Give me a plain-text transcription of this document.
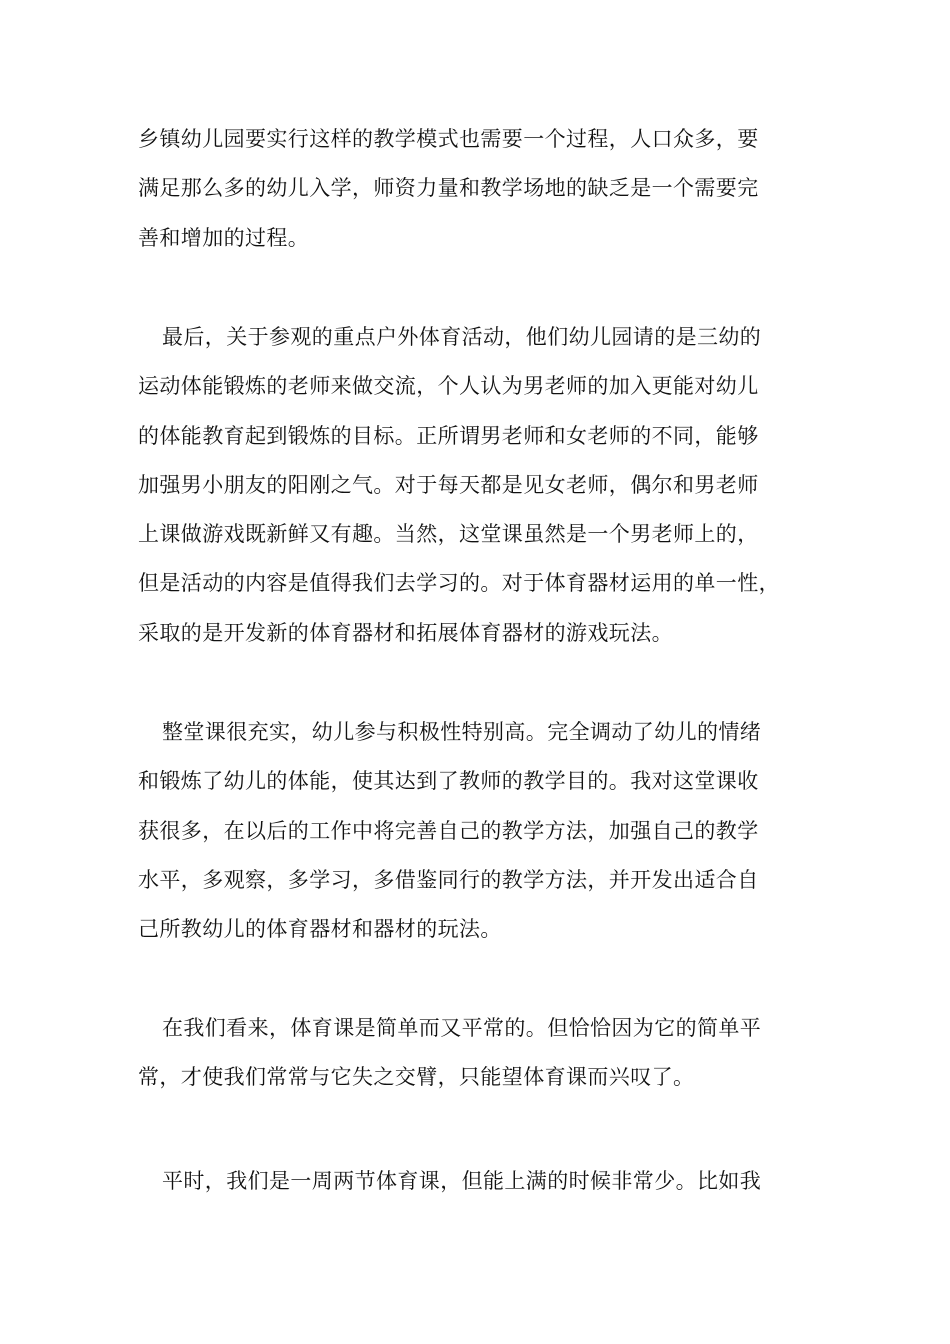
乡镇幼儿园要实行这样的教学模式也需要一个过程，人口众多，要
满足那么多的幼儿入学，师资力量和教学场地的缺乏是一个需要完
善和增加的过程。
最后，关于参观的重点户外体育活动，他们幼儿园请的是三幼的
运动体能锻炼的老师来做交流，个人认为男老师的加入更能对幼儿
的体能教育起到锻炼的目标。正所谓男老师和女老师的不同，能够
加强男小朋友的阳刚之气。对于每天都是见女老师，偶尔和男老师
上课做游戏既新鲜又有趣。当然，这堂课虽然是一个男老师上的，
但是活动的内容是值得我们去学习的。对于体育器材运用的单一性，
采取的是开发新的体育器材和拓展体育器材的游戏玩法。
整堂课很充实，幼儿参与积极性特别高。完全调动了幼儿的情绪
和锻炼了幼儿的体能，使其达到了教师的教学目的。我对这堂课收
获很多，在以后的工作中将完善自己的教学方法，加强自己的教学
水平，多观察，多学习，多借鉴同行的教学方法，并开发出适合自
己所教幼儿的体育器材和器材的玩法。
在我们看来，体育课是简单而又平常的。但恰恰因为它的简单平
常，才使我们常常与它失之交臂，只能望体育课而兴叹了。
平时，我们是一周两节体育课，但能上满的时候非常少。比如我
